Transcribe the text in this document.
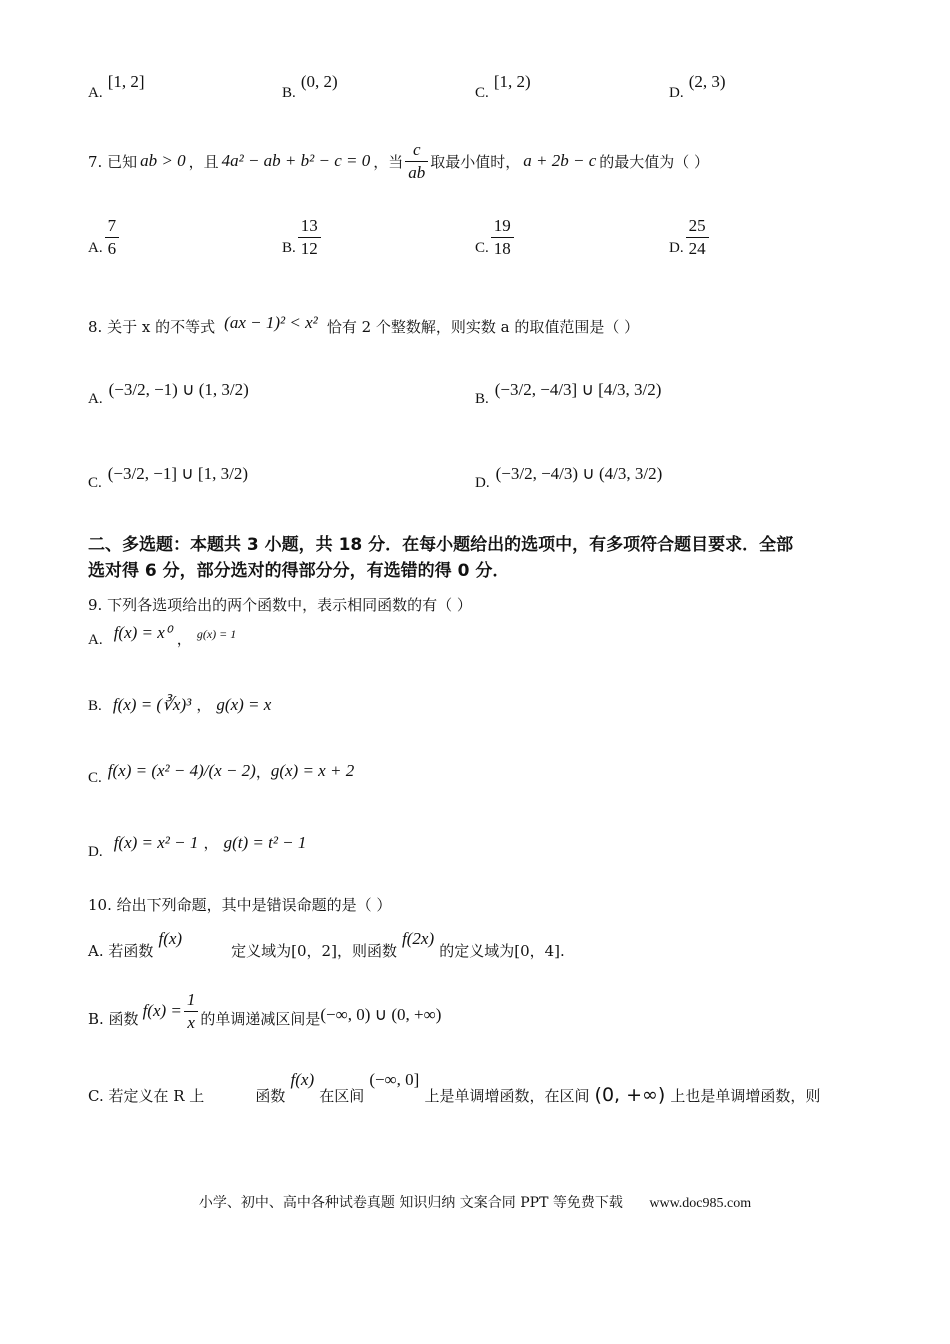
A. [1, 2]
B. (0, 2)
C. [1, 2)
D. (2, 3)
7. 已知 ab > 0 ，且 4a² − ab + b² − c = 0 ，当 $\frac{c}{ab}$ 取最小值时， a + 2b − c 的最大值为（ ）
A. $\frac{7}{6}$	B. $\frac{13}{12}$	C. $\frac{19}{18}$	D. $\frac{25}{24}$
8. 关于 x 的不等式 (ax − 1)² < x² 恰有 2 个整数解，则实数 a 的取值范围是（ ）
A. (−3/2, −1) ∪ (1, 3/2)	B. (−3/2, −4/3] ∪ [4/3, 3/2)
C. (−3/2, −1] ∪ [1, 3/2)	D. (−3/2, −4/3) ∪ (4/3, 3/2)
二、多选题：本题共 3 小题，共 18 分．在每小题给出的选项中，有多项符合题目要求．全部
选对得 6 分，部分选对的得部分分，有选错的得 0 分．
9. 下列各选项给出的两个函数中，表示相同函数的有（ ）
A. f(x) = x⁰ ， $^{g(x) = 1}$
B. f(x) = (∛x)³ ， g(x) = x
C. f(x) = (x² − 4)/(x − 2) ， g(x) = x + 2
D. f(x) = x² − 1 ， g(t) = t² − 1
10. 给出下列命题，其中是错误命题的是（ ）
A. 若函数 f(x) 定义域为[0，2]，则函数 f(2x) 的定义域为[0，4].
B. 函数 $f(x) = \frac{1}{x}$ 的单调递减区间是 (−∞, 0) ∪ (0, +∞)
C. 若定义在 R 上	函数 f(x) 在区间 (−∞, 0] 上是单调增函数，在区间 (0, +∞) 上也是单调增函数，则
小学、初中、高中各种试卷真题 知识归纳 文案合同 PPT 等免费下载 www.doc985.com
